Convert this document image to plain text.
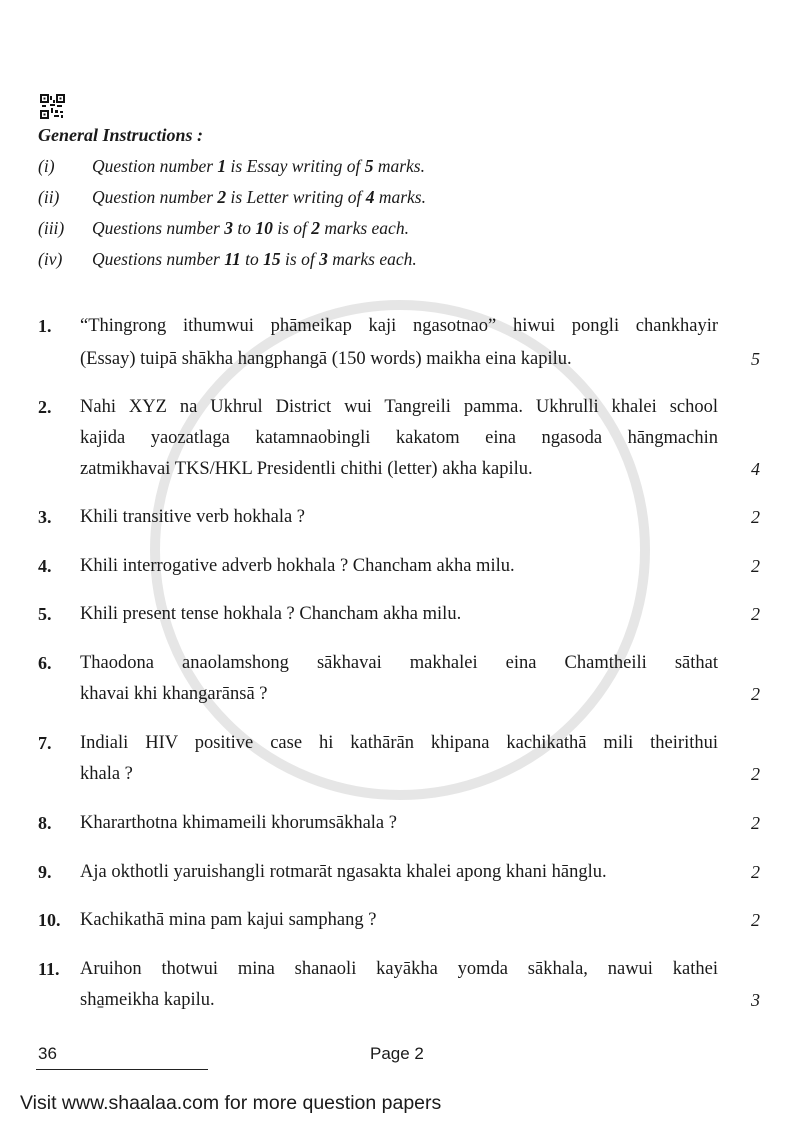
General Instructions :
(i) Question number 1 is Essay writing of 5 marks.
(ii) Question number 2 is Letter writing of 4 marks.
(iii) Questions number 3 to 10 is of 2 marks each.
(iv) Questions number 11 to 15 is of 3 marks each.
1. “Thingrong ithumwui phāmeikap kaji ngasotnao” hiwui pongli chankhayir
(Essay) tuipā shākha hangphangā (150 words) maikha eina kapilu.	5
2. Nahi XYZ na Ukhrul District wui Tangreili pamma. Ukhrulli khalei school
kajida yaozatlaga katamnaobingli kakatom eina ngasoda hāngmachin
zatmikhavai TKS/HKL Presidentli chithi (letter) akha kapilu.	4
3. Khili transitive verb hokhala ?	2
4. Khili interrogative adverb hokhala ? Chancham akha milu.	2
5. Khili present tense hokhala ? Chancham akha milu.	2
6. Thaodona anaolamshong sākhavai makhalei eina Chamtheili sāthat
khavai khi khangarānsā ?	2
7. Indiali HIV positive case hi kathārān khipana kachikathā mili theirithui
khala ?	2
8. Khararthotna khimameili khorumsākhala ?	2
9. Aja okthotli yaruishangli rotmarāt ngasakta khalei apong khani hānglu.	2
10. Kachikathā mina pam kajui samphang ?	2
11. Aruihon thotwui mina shanaoli kayākha yomda sākhala, nawui kathei
sha̱meikha kapilu.	3
36	Page 2
Visit www.shaalaa.com for more question papers
